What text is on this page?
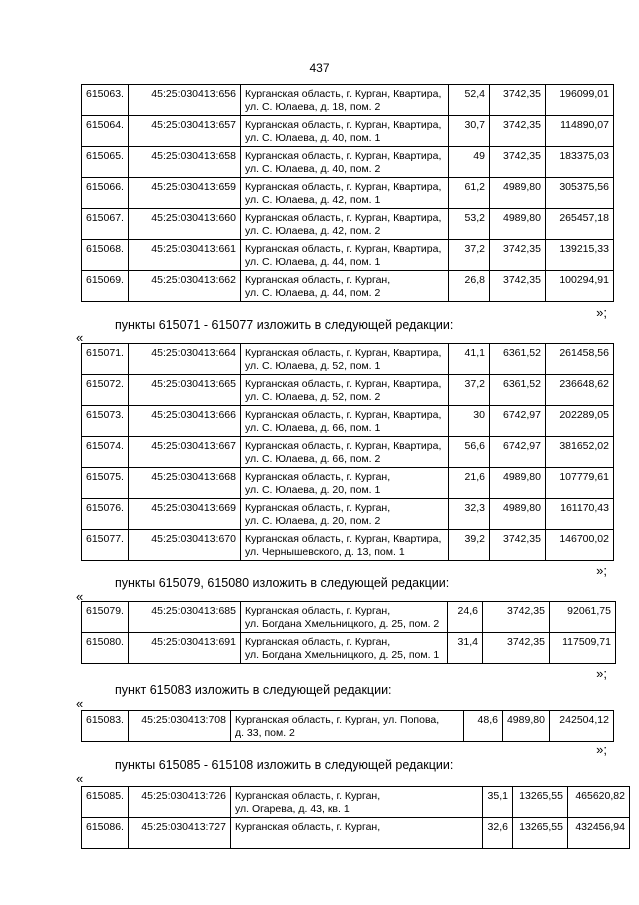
437
615063.	45:25:030413:656	Курганская область, г. Курган, Квартира,
ул. С. Юлаева, д. 18, пом. 2	52,4	3742,35	196099,01
615064.	45:25:030413:657	Курганская область, г. Курган, Квартира,
ул. С. Юлаева, д. 40, пом. 1	30,7	3742,35	114890,07
615065.	45:25:030413:658	Курганская область, г. Курган, Квартира,
ул. С. Юлаева, д. 40, пом. 2	49	3742,35	183375,03
615066.	45:25:030413:659	Курганская область, г. Курган, Квартира,
ул. С. Юлаева, д. 42, пом. 1	61,2	4989,80	305375,56
615067.	45:25:030413:660	Курганская область, г. Курган, Квартира,
ул. С. Юлаева, д. 42, пом. 2	53,2	4989,80	265457,18
615068.	45:25:030413:661	Курганская область, г. Курган, Квартира,
ул. С. Юлаева, д. 44, пом. 1	37,2	3742,35	139215,33
615069.	45:25:030413:662	Курганская область, г. Курган,
ул. С. Юлаева, д. 44, пом. 2	26,8	3742,35	100294,91
»;
пункты 615071 - 615077 изложить в следующей редакции:
«
615071.	45:25:030413:664	Курганская область, г. Курган, Квартира,
ул. С. Юлаева, д. 52, пом. 1	41,1	6361,52	261458,56
615072.	45:25:030413:665	Курганская область, г. Курган, Квартира,
ул. С. Юлаева, д. 52, пом. 2	37,2	6361,52	236648,62
615073.	45:25:030413:666	Курганская область, г. Курган, Квартира,
ул. С. Юлаева, д. 66, пом. 1	30	6742,97	202289,05
615074.	45:25:030413:667	Курганская область, г. Курган, Квартира,
ул. С. Юлаева, д. 66, пом. 2	56,6	6742,97	381652,02
615075.	45:25:030413:668	Курганская область, г. Курган,
ул. С. Юлаева, д. 20, пом. 1	21,6	4989,80	107779,61
615076.	45:25:030413:669	Курганская область, г. Курган,
ул. С. Юлаева, д. 20, пом. 2	32,3	4989,80	161170,43
615077.	45:25:030413:670	Курганская область, г. Курган, Квартира,
ул. Чернышевского, д. 13, пом. 1	39,2	3742,35	146700,02
»;
пункты 615079, 615080 изложить в следующей редакции:
«
615079.	45:25:030413:685	Курганская область, г. Курган,
ул. Богдана Хмельницкого, д. 25, пом. 2	24,6	3742,35	92061,75
615080.	45:25:030413:691	Курганская область, г. Курган,
ул. Богдана Хмельницкого, д. 25, пом. 1	31,4	3742,35	117509,71
»;
пункт 615083 изложить в следующей редакции:
«
615083.	45:25:030413:708	Курганская область, г. Курган, ул. Попова,
д. 33, пом. 2	48,6	4989,80	242504,12
»;
пункты 615085 - 615108 изложить в следующей редакции:
«
615085.	45:25:030413:726	Курганская область, г. Курган,
ул. Огарева, д. 43, кв. 1	35,1	13265,55	465620,82
615086.	45:25:030413:727	Курганская область, г. Курган,	32,6	13265,55	432456,94
